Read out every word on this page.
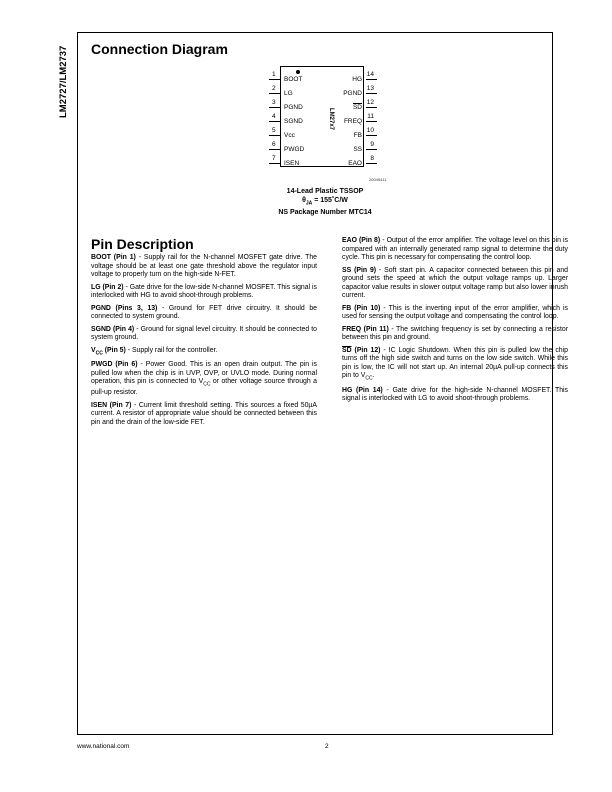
LM2727/LM2737 Connection Diagram
LM27x7
1
BOOT
2
LG
3
PGND
4
SGND
5
Vcc
6
PWGD
7
ISEN
14
HG
13
PGND
12
$\overline{SD}$
11
FREQ
10
FB
9
SS
8
EAO
20049411
14-Lead Plastic TSSOP
$\theta_{JA}$ = 155˚C/W
NS Package Number MTC14
Pin Description

BOOT (Pin 1) - Supply rail for the N-channel MOSFET gate drive. The voltage should be at least one gate threshold above the regulator input voltage to properly turn on the high-side N-FET.

LG (Pin 2) - Gate drive for the low-side N-channel MOSFET. This signal is interlocked with HG to avoid shoot-through problems.

PGND (Pins 3, 13) - Ground for FET drive circuitry. It should be connected to system ground.

SGND (Pin 4) - Ground for signal level circuitry. It should be connected to system ground.

$V_{CC}$ (Pin 5) - Supply rail for the controller.

PWGD (Pin 6) - Power Good. This is an open drain output. The pin is pulled low when the chip is in UVP, OVP, or UVLO mode. During normal operation, this pin is connected to $V_{CC}$ or other voltage source through a pull-up resistor.

ISEN (Pin 7) - Current limit threshold setting. This sources a fixed 50µA current. A resistor of appropriate value should be connected between this pin and the drain of the low-side FET.

EAO (Pin 8) - Output of the error amplifier. The voltage level on this pin is compared with an internally generated ramp signal to determine the duty cycle. This pin is necessary for compensating the control loop.

SS (Pin 9) - Soft start pin. A capacitor connected between this pin and ground sets the speed at which the output voltage ramps up. Larger capacitor value results in slower output voltage ramp but also lower inrush current.

FB (Pin 10) - This is the inverting input of the error amplifier, which is used for sensing the output voltage and compensating the control loop.

FREQ (Pin 11) - The switching frequency is set by connecting a resistor between this pin and ground.

$\overline{SD}$ (Pin 12) - IC Logic Shutdown. When this pin is pulled low the chip turns off the high side switch and turns on the low side switch. While this pin is low, the IC will not start up. An internal 20µA pull-up connects this pin to $V_{CC}$.

HG (Pin 14) - Gate drive for the high-side N-channel MOSFET. This signal is interlocked with LG to avoid shoot-through problems.

www.national.com	2
